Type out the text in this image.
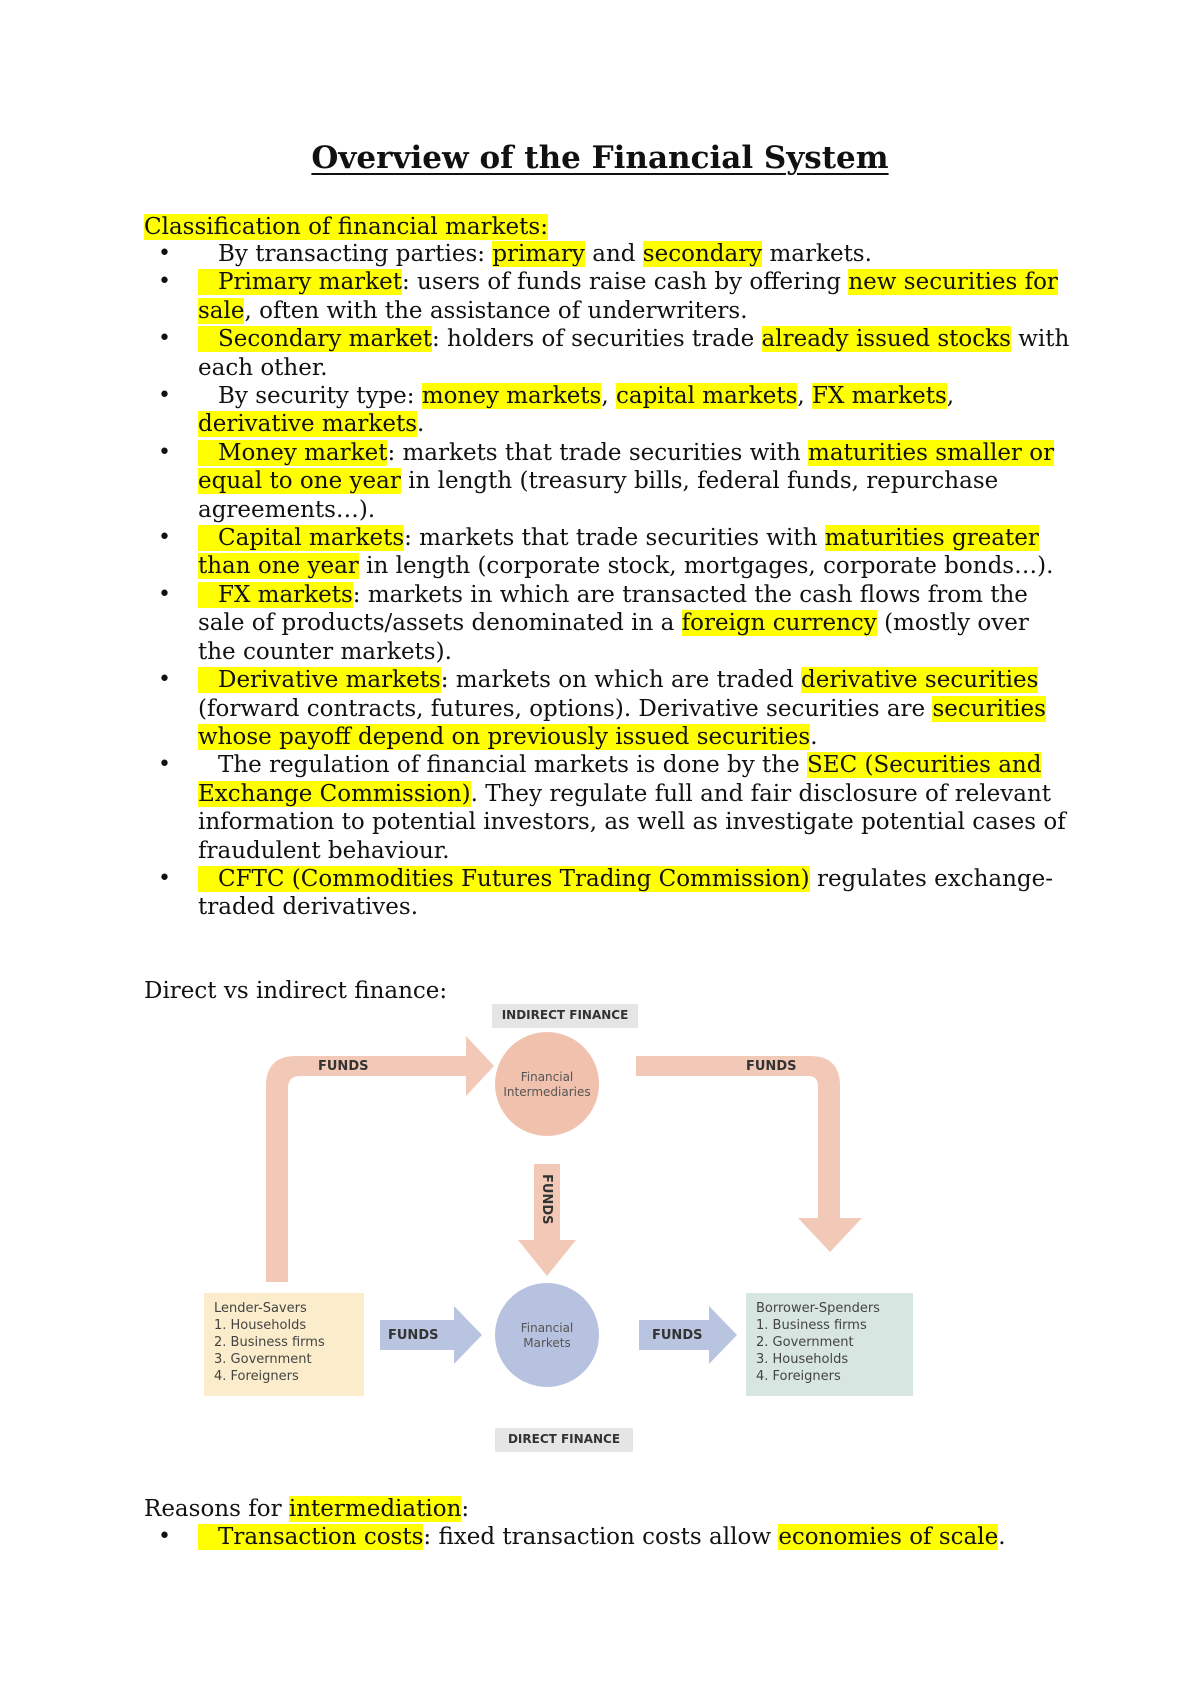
Overview of the Financial System
Classification of financial markets:
• By transacting parties: primary and secondary markets.
• Primary market: users of funds raise cash by offering new securities for sale, often with the assistance of underwriters.
• Secondary market: holders of securities trade already issued stocks with each other.
• By security type: money markets, capital markets, FX markets, derivative markets.
• Money market: markets that trade securities with maturities smaller or equal to one year in length (treasury bills, federal funds, repurchase agreements…).
• Capital markets: markets that trade securities with maturities greater than one year in length (corporate stock, mortgages, corporate bonds…).
• FX markets: markets in which are transacted the cash flows from the sale of products/assets denominated in a foreign currency (mostly over the counter markets).
• Derivative markets: markets on which are traded derivative securities (forward contracts, futures, options). Derivative securities are securities whose payoff depend on previously issued securities.
• The regulation of financial markets is done by the SEC (Securities and Exchange Commission). They regulate full and fair disclosure of relevant information to potential investors, as well as investigate potential cases of fraudulent behaviour.
• CFTC (Commodities Futures Trading Commission) regulates exchange-traded derivatives.
Direct vs indirect finance:
INDIRECT FINANCE
DIRECT FINANCE
FUNDS	FUNDS
FUNDS
FUNDS	FUNDS
Financial
Intermediaries
Financial
Markets
Lender-Savers
1. Households
2. Business firms
3. Government
4. Foreigners
Borrower-Spenders
1. Business firms
2. Government
3. Households
4. Foreigners
Reasons for intermediation:
• Transaction costs: fixed transaction costs allow economies of scale.
